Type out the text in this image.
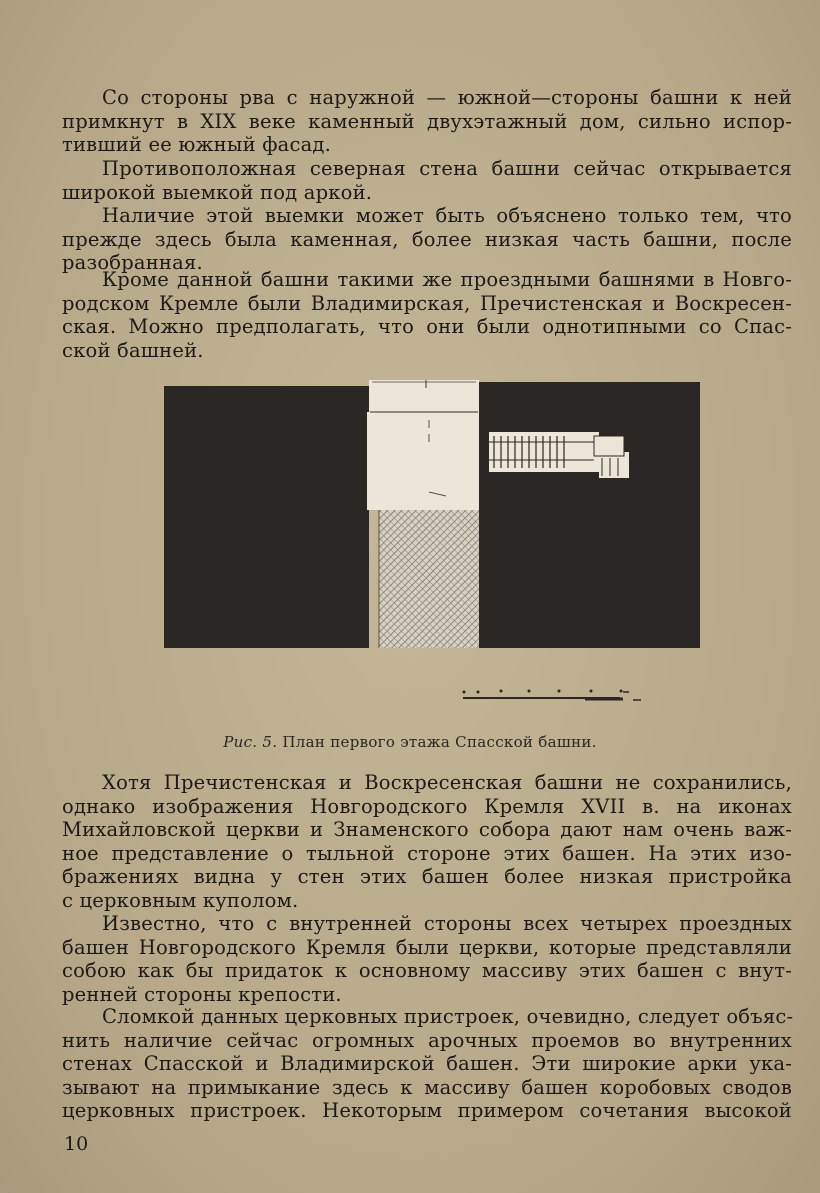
Со стороны рва с наружной — южной—стороны башни к ней
примкнут в XIX веке каменный двухэтажный дом, сильно испор-
тивший ее южный фасад.
Противоположная северная стена башни сейчас открывается
широкой выемкой под аркой.
Наличие этой выемки может быть объяснено только тем, что
прежде здесь была каменная, более низкая часть башни, после
разобранная.
Кроме данной башни такими же проездными башнями в Новго-
родском Кремле были Владимирская, Пречистенская и Воскресен-
ская. Можно предполагать, что они были однотипными со Спас-
ской башней.
Рис. 5. План первого этажа Спасской башни.
Хотя Пречистенская и Воскресенская башни не сохранились,
однако изображения Новгородского Кремля XVII в. на иконах
Михайловской церкви и Знаменского собора дают нам очень важ-
ное представление о тыльной стороне этих башен. На этих изо-
бражениях видна у стен этих башен более низкая пристройка
с церковным куполом.
Известно, что с внутренней стороны всех четырех проездных
башен Новгородского Кремля были церкви, которые представляли
собою как бы придаток к основному массиву этих башен с внут-
ренней стороны крепости.
Сломкой данных церковных пристроек, очевидно, следует объяс-
нить наличие сейчас огромных арочных проемов во внутренних
стенах Спасской и Владимирской башен. Эти широкие арки ука-
зывают на примыкание здесь к массиву башен коробовых сводов
церковных пристроек. Некоторым примером сочетания высокой
10
